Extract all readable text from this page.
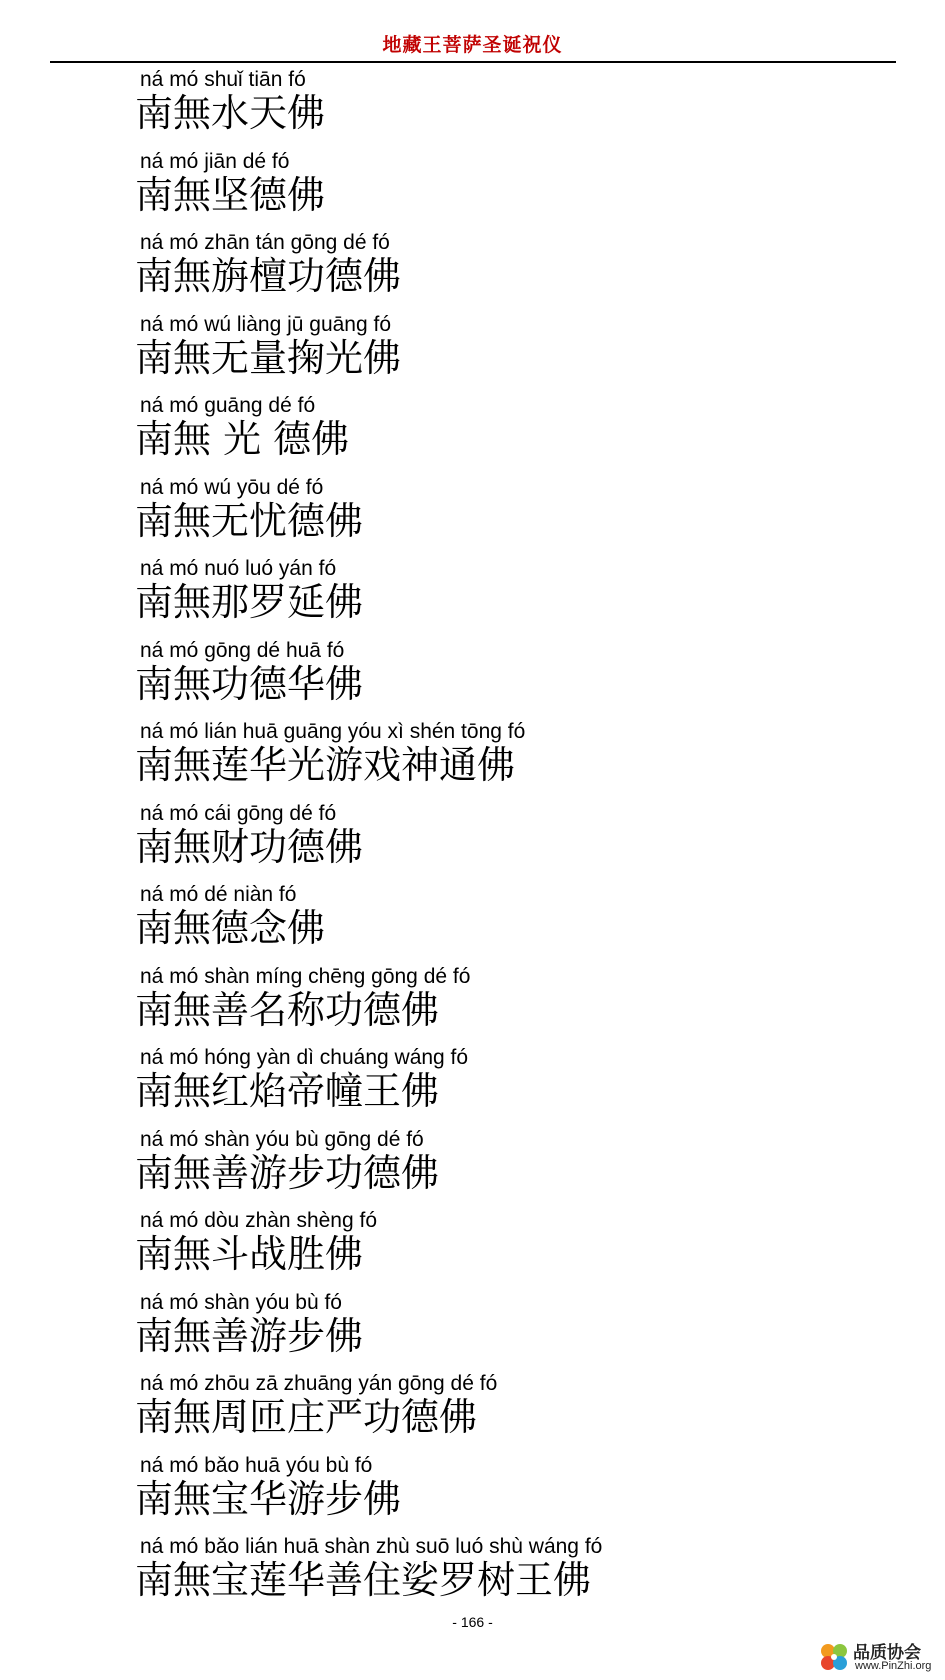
地藏王菩萨圣诞祝仪
ná mó shuǐ tiān fó
南無水天佛
ná mó jiān dé fó
南無坚德佛
ná mó zhān tán gōng dé fó
南無旃檀功德佛
ná mó wú liàng jū guāng fó
南無无量掬光佛
ná mó guāng dé fó
南無 光 德佛
ná mó wú yōu dé fó
南無无忧德佛
ná mó nuó luó yán fó
南無那罗延佛
ná mó gōng dé huā fó
南無功德华佛
ná mó lián huā guāng yóu xì shén tōng fó
南無莲华光游戏神通佛
ná mó cái gōng dé fó
南無财功德佛
ná mó dé niàn fó
南無德念佛
ná mó shàn míng chēng gōng dé fó
南無善名称功德佛
ná mó hóng yàn dì chuáng wáng fó
南無红焰帝幢王佛
ná mó shàn yóu bù gōng dé fó
南無善游步功德佛
ná mó dòu zhàn shèng fó
南無斗战胜佛
ná mó shàn yóu bù fó
南無善游步佛
ná mó zhōu zā zhuāng yán gōng dé fó
南無周匝庄严功德佛
ná mó bǎo huā yóu bù fó
南無宝华游步佛
ná mó bǎo lián huā shàn zhù suō luó shù wáng fó
南無宝莲华善住娑罗树王佛
- 166 -
品质协会
www.PinZhi.org
